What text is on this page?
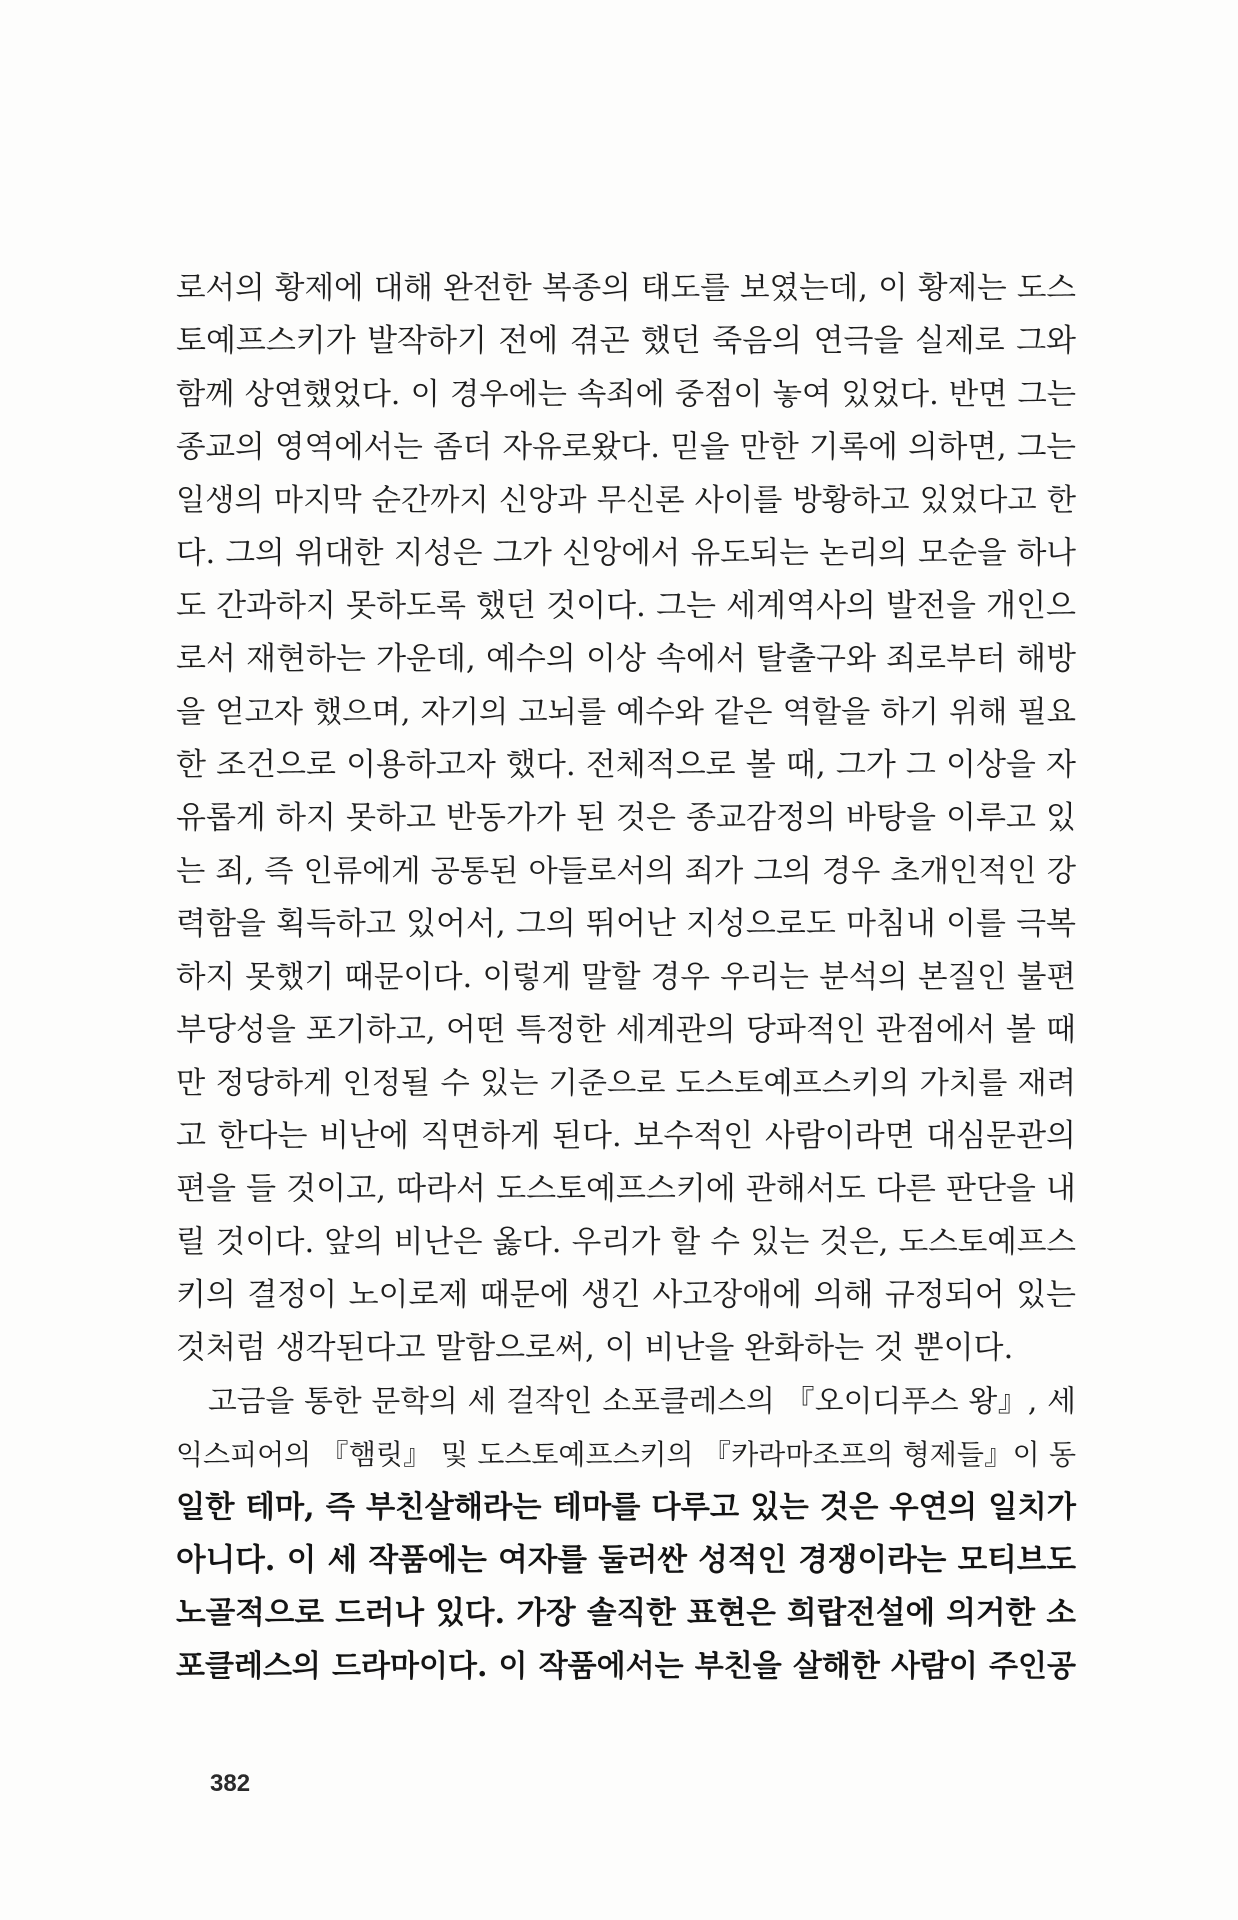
로서의 황제에 대해 완전한 복종의 태도를 보였는데, 이 황제는 도스
토예프스키가 발작하기 전에 겪곤 했던 죽음의 연극을 실제로 그와
함께 상연했었다. 이 경우에는 속죄에 중점이 놓여 있었다. 반면 그는
종교의 영역에서는 좀더 자유로왔다. 믿을 만한 기록에 의하면, 그는
일생의 마지막 순간까지 신앙과 무신론 사이를 방황하고 있었다고 한
다. 그의 위대한 지성은 그가 신앙에서 유도되는 논리의 모순을 하나
도 간과하지 못하도록 했던 것이다. 그는 세계역사의 발전을 개인으
로서 재현하는 가운데, 예수의 이상 속에서 탈출구와 죄로부터 해방
을 얻고자 했으며, 자기의 고뇌를 예수와 같은 역할을 하기 위해 필요
한 조건으로 이용하고자 했다. 전체적으로 볼 때, 그가 그 이상을 자
유롭게 하지 못하고 반동가가 된 것은 종교감정의 바탕을 이루고 있
는 죄, 즉 인류에게 공통된 아들로서의 죄가 그의 경우 초개인적인 강
력함을 획득하고 있어서, 그의 뛰어난 지성으로도 마침내 이를 극복
하지 못했기 때문이다. 이렇게 말할 경우 우리는 분석의 본질인 불편
부당성을 포기하고, 어떤 특정한 세계관의 당파적인 관점에서 볼 때
만 정당하게 인정될 수 있는 기준으로 도스토예프스키의 가치를 재려
고 한다는 비난에 직면하게 된다. 보수적인 사람이라면 대심문관의
편을 들 것이고, 따라서 도스토예프스키에 관해서도 다른 판단을 내
릴 것이다. 앞의 비난은 옳다. 우리가 할 수 있는 것은, 도스토예프스
키의 결정이 노이로제 때문에 생긴 사고장애에 의해 규정되어 있는
것처럼 생각된다고 말함으로써, 이 비난을 완화하는 것 뿐이다.
고금을 통한 문학의 세 걸작인 소포클레스의 『오이디푸스 왕』, 세
익스피어의 『햄릿』 및 도스토예프스키의 『카라마조프의 형제들』이 동
일한 테마, 즉 부친살해라는 테마를 다루고 있는 것은 우연의 일치가
아니다. 이 세 작품에는 여자를 둘러싼 성적인 경쟁이라는 모티브도
노골적으로 드러나 있다. 가장 솔직한 표현은 희랍전설에 의거한 소
포클레스의 드라마이다. 이 작품에서는 부친을 살해한 사람이 주인공
382
